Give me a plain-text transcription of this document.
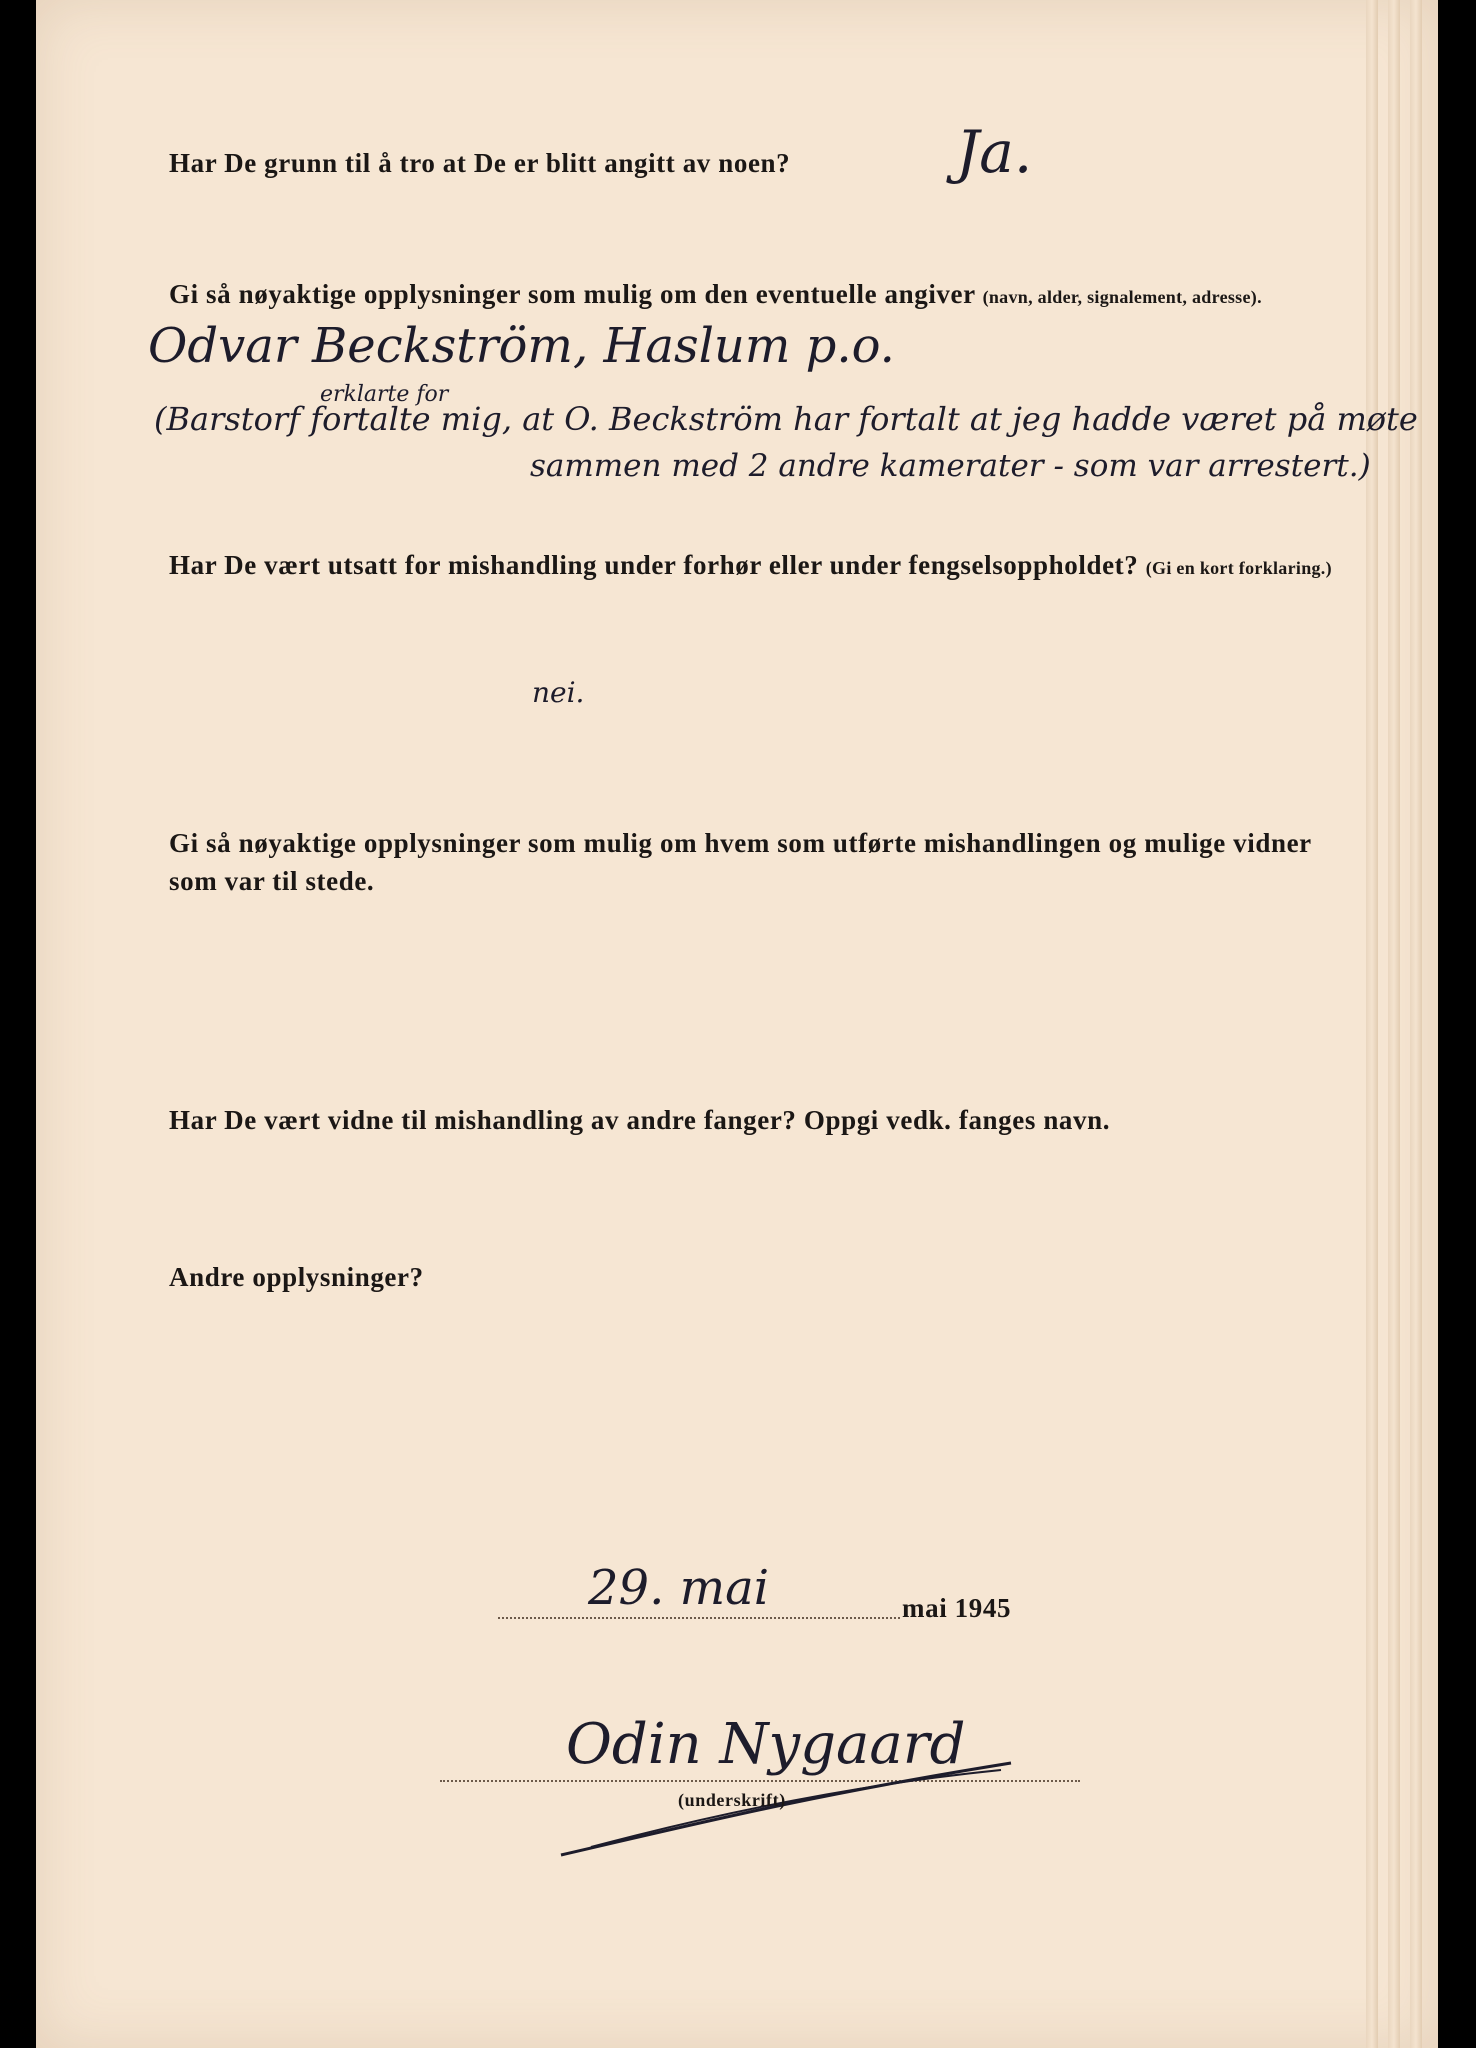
Har De grunn til å tro at De er blitt angitt av noen?	Ja.
Gi så nøyaktige opplysninger som mulig om den eventuelle angiver (navn, alder, signalement, adresse).
Odvar Beckström, Haslum p.o.
erklarte for
(Barstorf fortalte mig, at O. Beckström har fortalt at jeg hadde været på møte
sammen med 2 andre kamerater - som var arrestert.)
Har De vært utsatt for mishandling under forhør eller under fengselsoppholdet? (Gi en kort forklaring.)
nei.
Gi så nøyaktige opplysninger som mulig om hvem som utførte mishandlingen og mulige vidner
som var til stede.
Har De vært vidne til mishandling av andre fanger? Oppgi vedk. fanges navn.
Andre opplysninger?
29. mai	mai 1945
Odin Nygaard
(underskrift)
